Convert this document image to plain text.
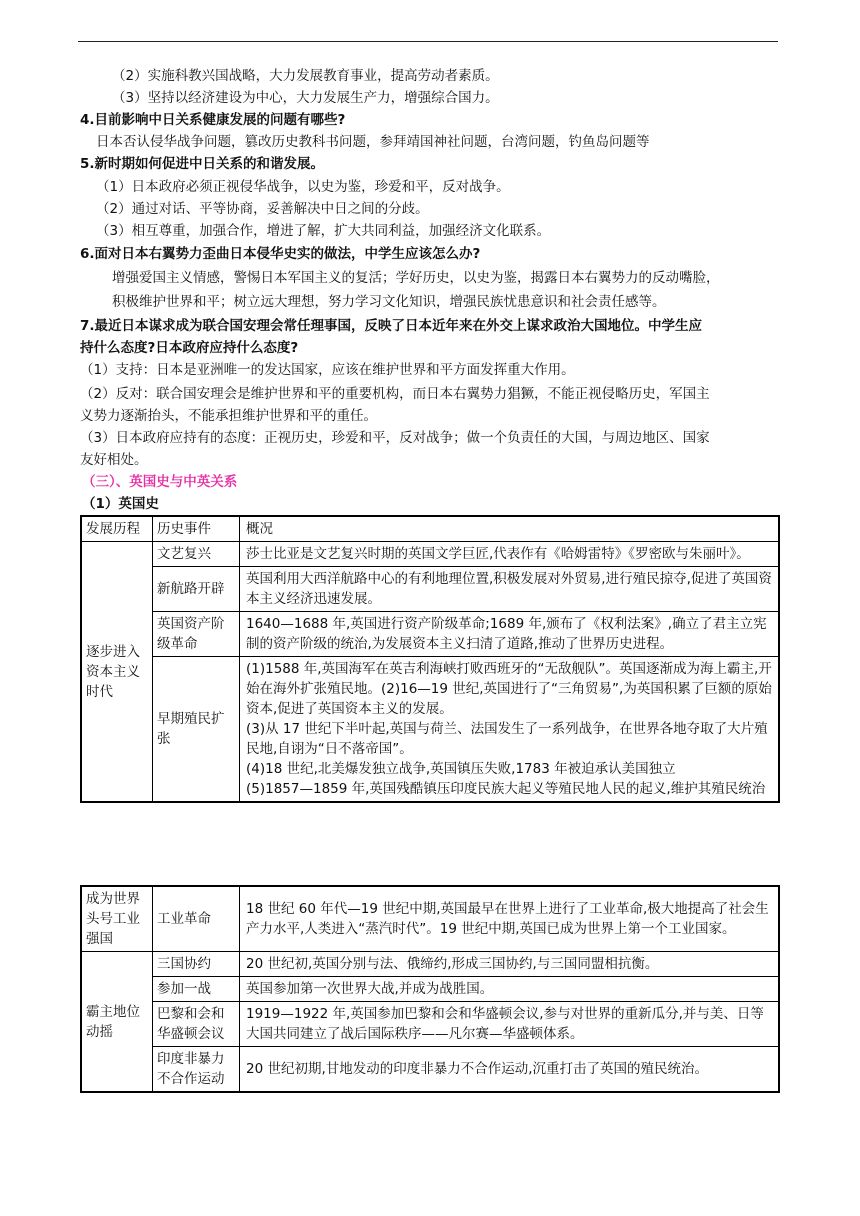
（2）实施科教兴国战略，大力发展教育事业，提高劳动者素质。
（3）坚持以经济建设为中心，大力发展生产力，增强综合国力。
4.目前影响中日关系健康发展的问题有哪些?
日本否认侵华战争问题，篡改历史教科书问题，参拜靖国神社问题，台湾问题，钓鱼岛问题等
5.新时期如何促进中日关系的和谐发展。
（1）日本政府必须正视侵华战争，以史为鉴，珍爱和平，反对战争。
（2）通过对话、平等协商，妥善解决中日之间的分歧。
（3）相互尊重，加强合作，增进了解，扩大共同利益，加强经济文化联系。
6.面对日本右翼势力歪曲日本侵华史实的做法，中学生应该怎么办?
增强爱国主义情感，警惕日本军国主义的复活；学好历史，以史为鉴，揭露日本右翼势力的反动嘴脸，
积极维护世界和平；树立远大理想，努力学习文化知识，增强民族忧患意识和社会责任感等。
7.最近日本谋求成为联合国安理会常任理事国，反映了日本近年来在外交上谋求政治大国地位。中学生应
持什么态度?日本政府应持什么态度?
（1）支持：日本是亚洲唯一的发达国家，应该在维护世界和平方面发挥重大作用。
（2）反对：联合国安理会是维护世界和平的重要机构，而日本右翼势力猖獗，不能正视侵略历史，军国主
义势力逐渐抬头，不能承担维护世界和平的重任。
（3）日本政府应持有的态度：正视历史，珍爱和平，反对战争；做一个负责任的大国，与周边地区、国家
友好相处。
（三）、英国史与中英关系
（1）英国史
发展历程	历史事件	概况
逐步进入资本主义时代	文艺复兴	莎士比亚是文艺复兴时期的英国文学巨匠,代表作有《哈姆雷特》《罗密欧与朱丽叶》。

	新航路开辟	英国利用大西洋航路中心的有利地理位置,积极发展对外贸易,进行殖民掠夺,促进了英国资本主义经济迅速发展。

	英国资产阶级革命	1640—1688 年,英国进行资产阶级革命;1689 年,颁布了《权利法案》,确立了君主立宪制的资产阶级的统治,为发展资本主义扫清了道路,推动了世界历史进程。

	早期殖民扩张	(1)1588 年,英国海军在英吉利海峡打败西班牙的“无敌舰队”。英国逐渐成为海上霸主,开始在海外扩张殖民地。(2)16—19 世纪,英国进行了“三角贸易”,为英国积累了巨额的原始资本,促进了英国资本主义的发展。

(3)从 17 世纪下半叶起,英国与荷兰、法国发生了一系列战争，在世界各地夺取了大片殖民地,自诩为“日不落帝国”。

(4)18 世纪,北美爆发独立战争,英国镇压失败,1783 年被迫承认美国独立

(5)1857—1859 年,英国残酷镇压印度民族大起义等殖民地人民的起义,维护其殖民统治

成为世界头号工业强国	工业革命	18 世纪 60 年代—19 世纪中期,英国最早在世界上进行了工业革命,极大地提高了社会生产力水平,人类进入“蒸汽时代”。19 世纪中期,英国已成为世界上第一个工业国家。
霸主地位动摇	三国协约	20 世纪初,英国分别与法、俄缔约,形成三国协约,与三国同盟相抗衡。
	参加一战	英国参加第一次世界大战,并成为战胜国。
	巴黎和会和华盛顿会议	1919—1922 年,英国参加巴黎和会和华盛顿会议,参与对世界的重新瓜分,并与美、日等大国共同建立了战后国际秩序——凡尔赛—华盛顿体系。
	印度非暴力不合作运动	20 世纪初期,甘地发动的印度非暴力不合作运动,沉重打击了英国的殖民统治。
